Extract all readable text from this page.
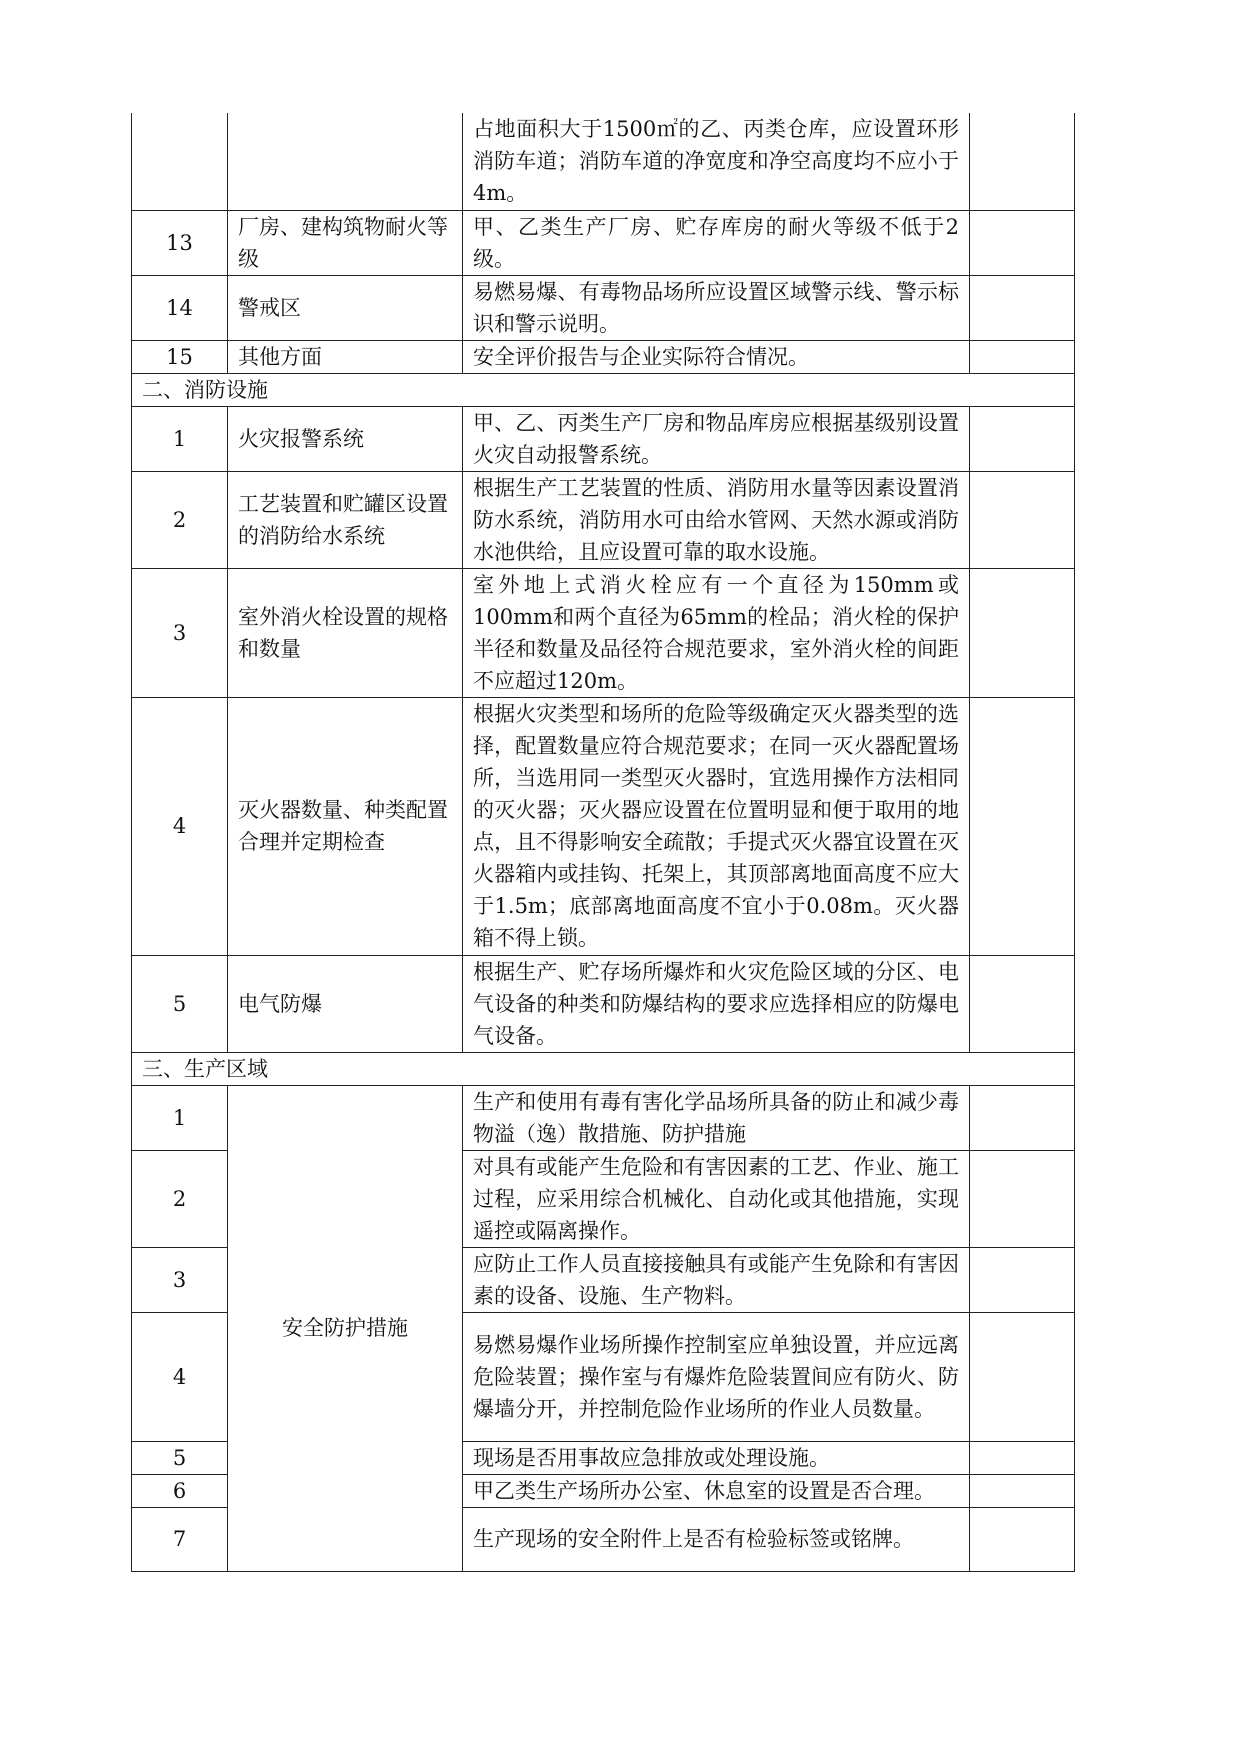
		占地面积大于1500㎡的乙、丙类仓库，应设置环形消防车道；消防车道的净宽度和净空高度均不应小于4m。	
13	厂房、建构筑物耐火等级	甲、乙类生产厂房、贮存库房的耐火等级不低于2级。	
14	警戒区	易燃易爆、有毒物品场所应设置区域警示线、警示标识和警示说明。	
15	其他方面	安全评价报告与企业实际符合情况。	
二、消防设施			
1	火灾报警系统	甲、乙、丙类生产厂房和物品库房应根据基级别设置火灾自动报警系统。	
2	工艺装置和贮罐区设置的消防给水系统	根据生产工艺装置的性质、消防用水量等因素设置消防水系统，消防用水可由给水管网、天然水源或消防水池供给，且应设置可靠的取水设施。	
3	室外消火栓设置的规格和数量	室外地上式消火栓应有一个直径为150mm或100mm和两个直径为65mm的栓品；消火栓的保护半径和数量及品径符合规范要求，室外消火栓的间距不应超过120m。	
4	灭火器数量、种类配置合理并定期检查	根据火灾类型和场所的危险等级确定灭火器类型的选择，配置数量应符合规范要求；在同一灭火器配置场所，当选用同一类型灭火器时，宜选用操作方法相同的灭火器；灭火器应设置在位置明显和便于取用的地点，且不得影响安全疏散；手提式灭火器宜设置在灭火器箱内或挂钩、托架上，其顶部离地面高度不应大于1.5m；底部离地面高度不宜小于0.08m。灭火器箱不得上锁。	
5	电气防爆	根据生产、贮存场所爆炸和火灾危险区域的分区、电气设备的种类和防爆结构的要求应选择相应的防爆电气设备。	
三、生产区域			
1	安全防护措施	生产和使用有毒有害化学品场所具备的防止和减少毒物溢（逸）散措施、防护措施	
2		对具有或能产生危险和有害因素的工艺、作业、施工过程，应采用综合机械化、自动化或其他措施，实现遥控或隔离操作。	
3		应防止工作人员直接接触具有或能产生免除和有害因素的设备、设施、生产物料。	
4		易燃易爆作业场所操作控制室应单独设置，并应远离危险装置；操作室与有爆炸危险装置间应有防火、防爆墙分开，并控制危险作业场所的作业人员数量。	
5		现场是否用事故应急排放或处理设施。	
6		甲乙类生产场所办公室、休息室的设置是否合理。	
7		生产现场的安全附件上是否有检验标签或铭牌。	
